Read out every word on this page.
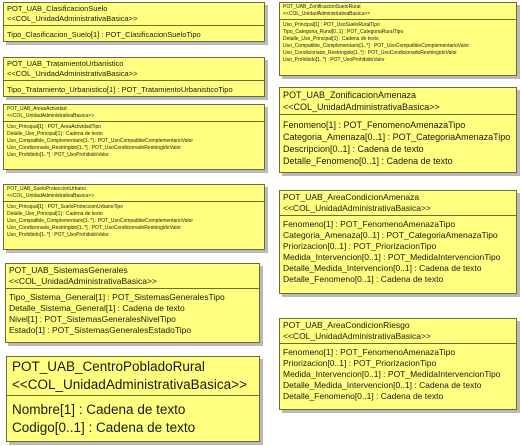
POT_UAB_ClasificacionSuelo
<<COL_UnidadAdministrativaBasica>>
Tipo_Clasificacion_Suelo[1] : POT_ClasificacionSueloTipo
POT_UAB_TratamientoUrbanistico
<<COL_UnidadAdministrativaBasica>>
Tipo_Tratamiento_Urbanistico[1] : POT_TratamientoUrbanisticoTipo
POT_UAB_AreasActividad
<<COL_UnidadAdministrativaBasica>>
Uso_Principal[1] : POT_AreaActividadTipo
Detalle_Uso_Principal[1] : Cadena de texto
Uso_Compatible_Complementario[1..*] : POT_UsoCompatibleComplementarioValor
Uso_Condicionado_Restringido[1..*] : POT_UsoCondicionadoRestringidoValor
Uso_Prohibido[1..*] : POT_UsoProhibidoValor
POT_UAB_SueloProteccionUrbano
<<COL_UnidadAdministrativaBasica>>
Uso_Principal[1] : POT_SueloProteccionUrbanoTipo
Detalle_Uso_Principal[1] : Cadena de texto
Uso_Compatible_Complementario[1..*] : POT_UsoCompatibleComplementarioValor
Uso_Condicionado_Restringido[1..*] : POT_UsoCondicionadoRestringidoValor
Uso_Prohibido[1..*] : POT_UsoProhibidoValor
POT_UAB_SistemasGenerales
<<COL_UnidadAdministrativaBasica>>
Tipo_Sistema_General[1] : POT_SistemasGeneralesTipo
Detalle_Sistema_General[1] : Cadena de texto
Nivel[1] : POT_SistemasGeneralesNivelTipo
Estado[1] : POT_SistemasGeneralesEstadoTipo
POT_UAB_CentroPobladoRural
<<COL_UnidadAdministrativaBasica>>
Nombre[1] : Cadena de texto
Codigo[0..1] : Cadena de texto
POT_UAB_ZonificacionSueloRural
<<COL_UnidadAdministrativaBasica>>
Uso_Principal[1] : POT_UsoSueloRuralTipo
Tipo_Categoria_Rural[0..1] : POT_CategoriaRuralTipo
Detalle_Uso_Principal[1] : Cadena de texto
Uso_Compatible_Complementario[1..*] : POT_UsoCompatibleComplementarioValor
Uso_Condicionado_Restringido[1..*] : POT_UsoCondicionadoRestringidoValor
Uso_Prohibido[1..*] : POT_UsoProhibidoValor
POT_UAB_ZonificacionAmenaza
<<COL_UnidadAdministrativaBasica>>
Fenomeno[1] : POT_FenomenoAmenazaTipo
Categoria_Amenaza[0..1] : POT_CategoriaAmenazaTipo
Descripcion[0..1] : Cadena de texto
Detalle_Fenomeno[0..1] : Cadena de texto
POT_UAB_AreaCondicionAmenaza
<<COL_UnidadAdministrativaBasica>>
Fenomeno[1] : POT_FenomenoAmenazaTipo
Categoria_Amenaza[0..1] : POT_CategoriaAmenazaTipo
Priorizacion[0..1] : POT_PriorizacionTipo
Medida_Intervencion[0..1] : POT_MedidaIntervencionTipo
Detalle_Medida_Intervencion[0..1] : Cadena de texto
Detalle_Fenomeno[0..1] : Cadena de texto
POT_UAB_AreaCondicionRiesgo
<<COL_UnidadAdministrativaBasica>>
Fenomeno[1] : POT_FenomenoAmenazaTipo
Priorizacion[0..1] : POT_PriorizacionTipo
Medida_Intervencion[0..1] : POT_MedidaIntervencionTipo
Detalle_Medida_Intervencion[0..1] : Cadena de texto
Detalle_Fenomeno[0..1] : Cadena de texto
